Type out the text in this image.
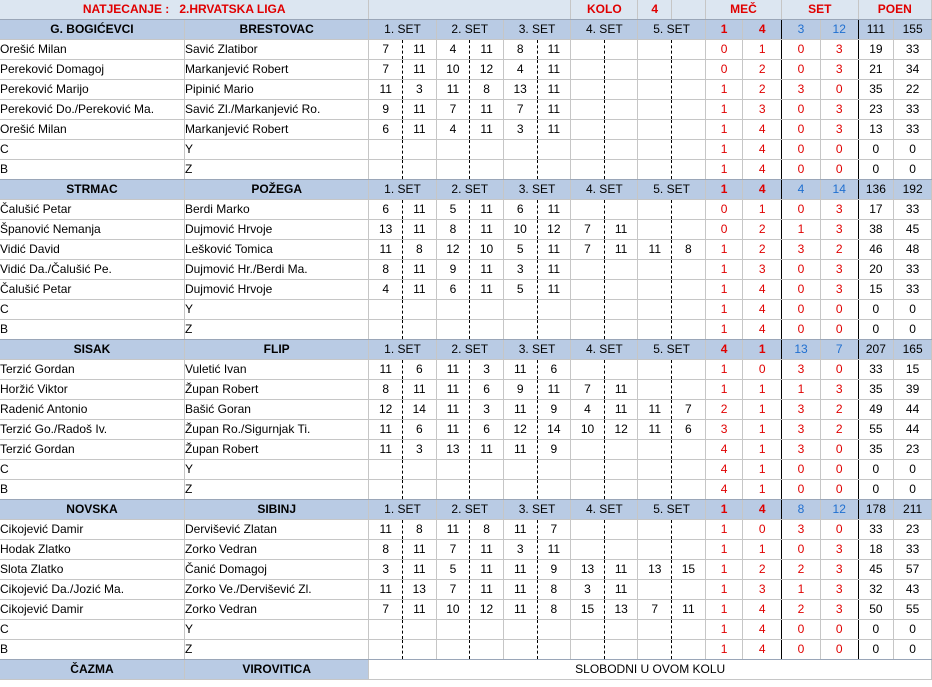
NATJECANJE : 2.HRVATSKA LIGA								KOLO		4		MEČ		SET		POEN	
G. BOGIĆEVCI	BRESTOVAC	1. SET		2. SET		3. SET		4. SET		5. SET		1	4	3	12	111	155
Orešić Milan	Savić Zlatibor	7	11	4	11	8	11					0	1	0	3	19	33
Pereković Domagoj	Markanjević Robert	7	11	10	12	4	11					0	2	0	3	21	34
Pereković Marijo	Pipinić Mario	11	3	11	8	13	11					1	2	3	0	35	22
Pereković Do./Pereković Ma.	Savić Zl./Markanjević Ro.	9	11	7	11	7	11					1	3	0	3	23	33
Orešić Milan	Markanjević Robert	6	11	4	11	3	11					1	4	0	3	13	33
C	Y											1	4	0	0	0	0
B	Z											1	4	0	0	0	0
STRMAC	POŽEGA	1. SET		2. SET		3. SET		4. SET		5. SET		1	4	4	14	136	192
Čalušić Petar	Berdi Marko	6	11	5	11	6	11					0	1	0	3	17	33
Španović Nemanja	Dujmović Hrvoje	13	11	8	11	10	12	7	11			0	2	1	3	38	45
Vidić David	Lešković Tomica	11	8	12	10	5	11	7	11	11	8	1	2	3	2	46	48
Vidić Da./Čalušić Pe.	Dujmović Hr./Berdi Ma.	8	11	9	11	3	11					1	3	0	3	20	33
Čalušić Petar	Dujmović Hrvoje	4	11	6	11	5	11					1	4	0	3	15	33
C	Y											1	4	0	0	0	0
B	Z											1	4	0	0	0	0
SISAK	FLIP	1. SET		2. SET		3. SET		4. SET		5. SET		4	1	13	7	207	165
Terzić Gordan	Vuletić Ivan	11	6	11	3	11	6					1	0	3	0	33	15
Horžić Viktor	Župan Robert	8	11	11	6	9	11	7	11			1	1	1	3	35	39
Radenić Antonio	Bašić Goran	12	14	11	3	11	9	4	11	11	7	2	1	3	2	49	44
Terzić Go./Radoš Iv.	Župan Ro./Sigurnjak Ti.	11	6	11	6	12	14	10	12	11	6	3	1	3	2	55	44
Terzić Gordan	Župan Robert	11	3	13	11	11	9					4	1	3	0	35	23
C	Y											4	1	0	0	0	0
B	Z											4	1	0	0	0	0
NOVSKA	SIBINJ	1. SET		2. SET		3. SET		4. SET		5. SET		1	4	8	12	178	211
Cikojević Damir	Dervišević Zlatan	11	8	11	8	11	7					1	0	3	0	33	23
Hodak Zlatko	Zorko Vedran	8	11	7	11	3	11					1	1	0	3	18	33
Slota Zlatko	Čanić Domagoj	3	11	5	11	11	9	13	11	13	15	1	2	2	3	45	57
Cikojević Da./Jozić Ma.	Zorko Ve./Dervišević Zl.	11	13	7	11	11	8	3	11			1	3	1	3	32	43
Cikojević Damir	Zorko Vedran	7	11	10	12	11	8	15	13	7	11	1	4	2	3	50	55
C	Y											1	4	0	0	0	0
B	Z											1	4	0	0	0	0
ČAZMA	VIROVITICA	SLOBODNI U OVOM KOLU															
